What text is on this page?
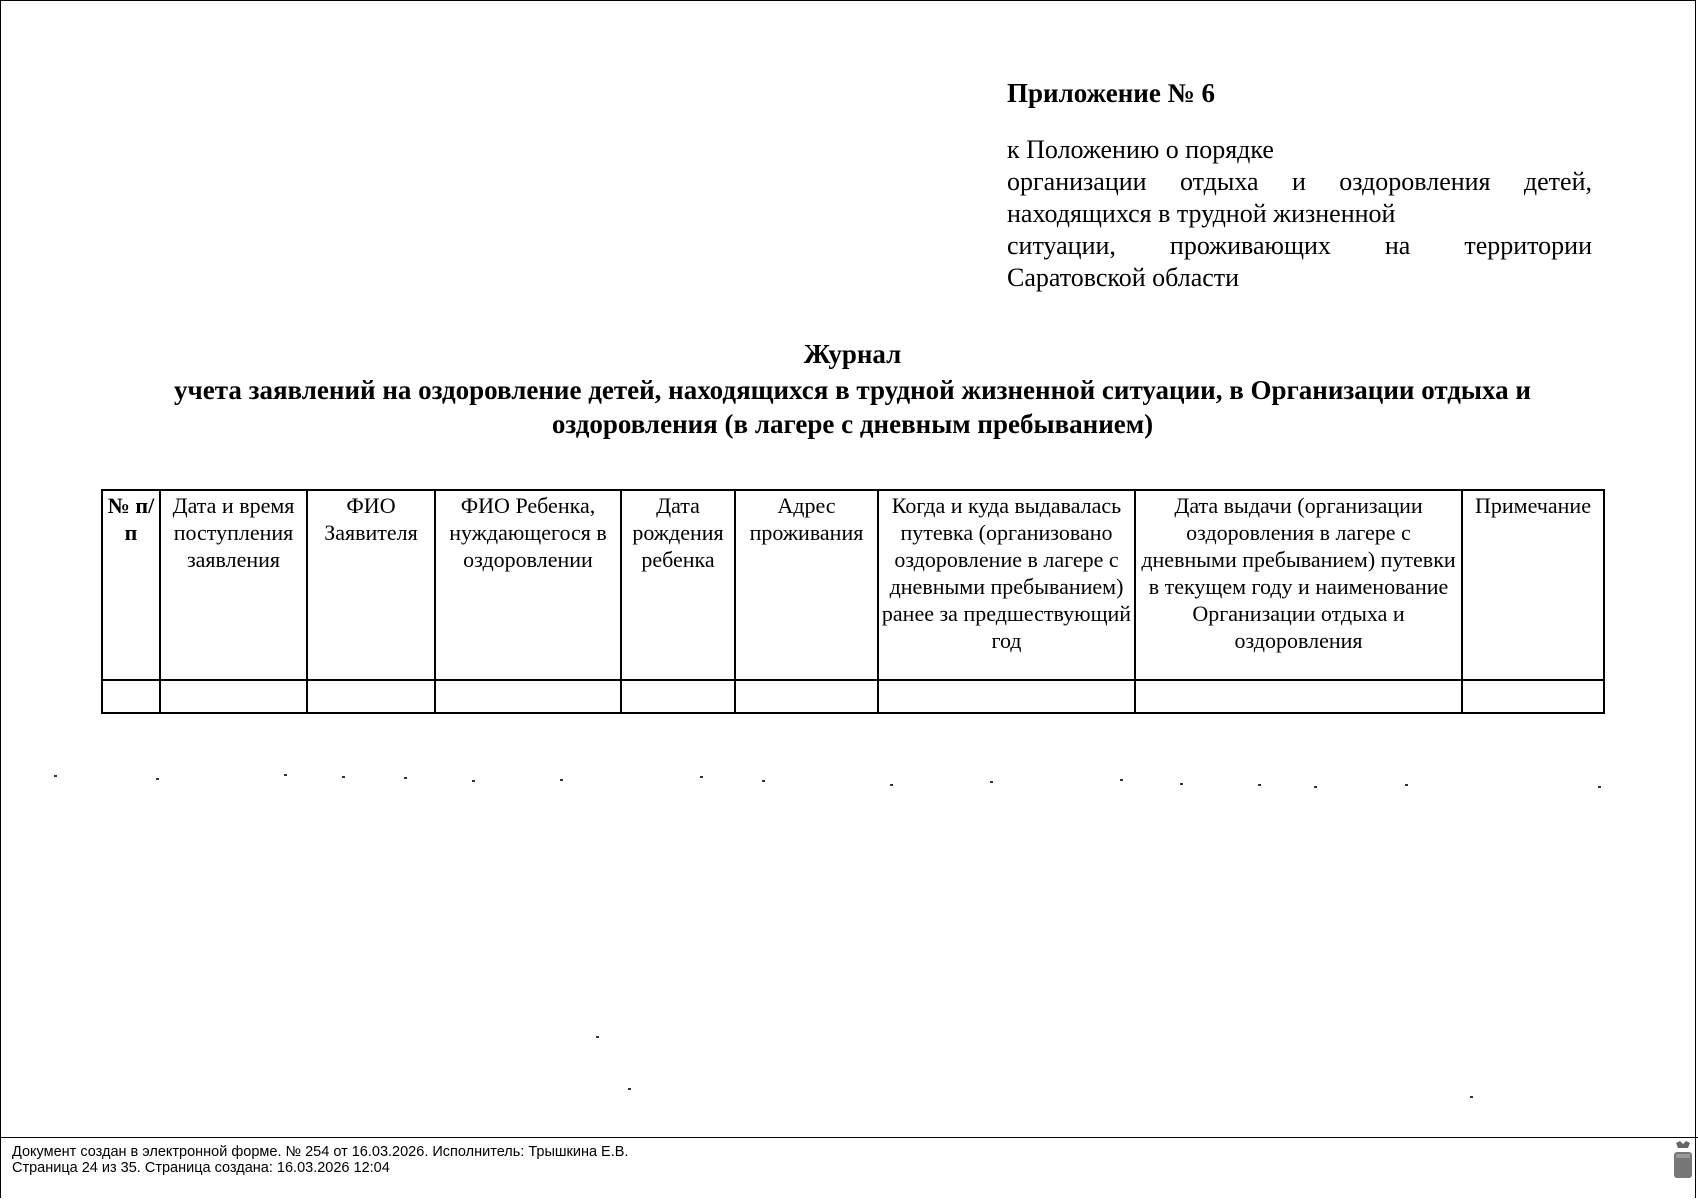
Приложение № 6
к Положению о порядке
организации отдыха и оздоровления детей,
находящихся в трудной жизненной
ситуации, проживающих на территории
Саратовской области
Журнал
учета заявлений на оздоровление детей, находящихся в трудной жизненной ситуации, в Организации отдыха и
оздоровления (в лагере с дневным пребыванием)
№ п/п	Дата и время поступления заявления	ФИО Заявителя	ФИО Ребенка, нуждающегося в оздоровлении	Дата рождения ребенка	Адрес проживания	Когда и куда выдавалась путевка (организовано оздоровление в лагере с дневными пребыванием) ранее за предшествующий год	Дата выдачи (организации оздоровления в лагере с дневными пребыванием) путевки в текущем году и наименование Организации отдыха и оздоровления	Примечание

Документ создан в электронной форме. № 254 от 16.03.2026. Исполнитель: Трышкина Е.В.
Страница 24 из 35. Страница создана: 16.03.2026 12:04
